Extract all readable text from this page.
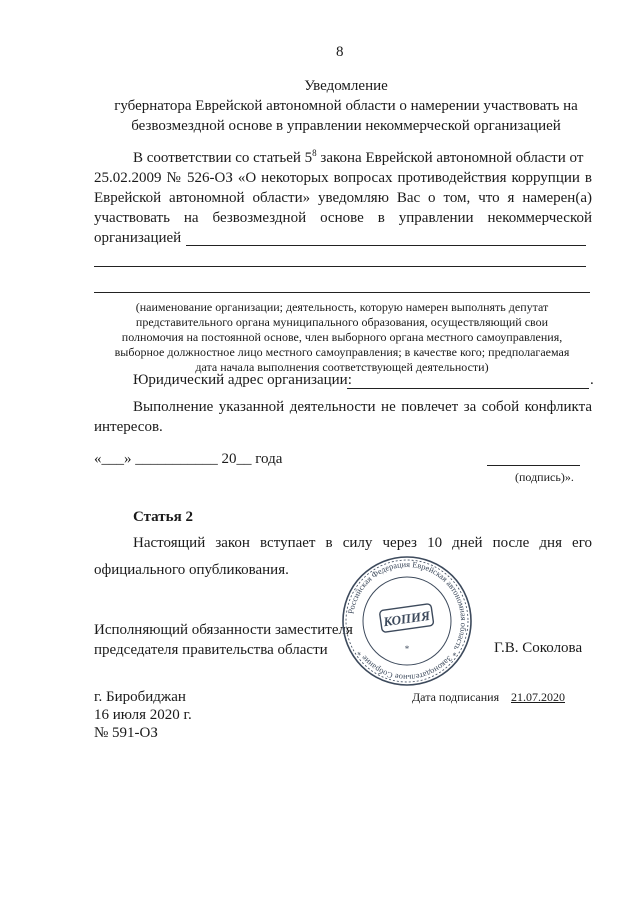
8
Уведомление
губернатора Еврейской автономной области о намерении участвовать на
безвозмездной основе в управлении некоммерческой организацией
В соответствии со статьей $5^8$ закона Еврейской автономной области от
25.02.2009 № 526-ОЗ «О некоторых вопросах противодействия коррупции в
Еврейской автономной области» уведомляю Вас о том, что я намерен(а)
участвовать на безвозмездной основе в управлении некоммерческой
организацией
(наименование организации; деятельность, которую намерен выполнять депутат
представительного органа муниципального образования, осуществляющий свои
полномочия на постоянной основе, член выборного органа местного самоуправления,
выборное должностное лицо местного самоуправления; в качестве кого; предполагаемая
дата начала выполнения соответствующей деятельности)
Юридический адрес организации:	.
Выполнение указанной деятельности не повлечет за собой конфликта
интересов.
«___» ___________ 20__ года
(подпись)».
Статья 2
Настоящий закон вступает в силу через 10 дней после дня его
официального опубликования.
Исполняющий обязанности заместителя
председателя правительства области	Г.В. Соколова
Российская Федерация Еврейская автономная область * Законодательное Собрание *
КОПИЯ
*
г. Биробиджан
16 июля 2020 г.
№ 591-ОЗ
Дата подписания 21.07.2020
